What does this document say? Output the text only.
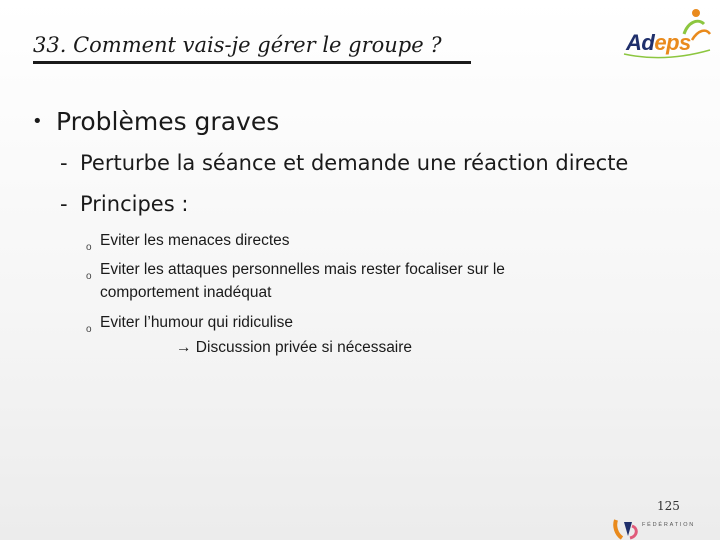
33. Comment vais-je gérer le groupe ?	Adeps
• Problèmes graves
- Perturbe la séance et demande une réaction directe
- Principes :
o Eviter les menaces directes
o Eviter les attaques personnelles mais rester focaliser sur le
comportement inadéquat
o Eviter l’humour qui ridiculise
→ Discussion privée si nécessaire
125
FÉDÉRATION
